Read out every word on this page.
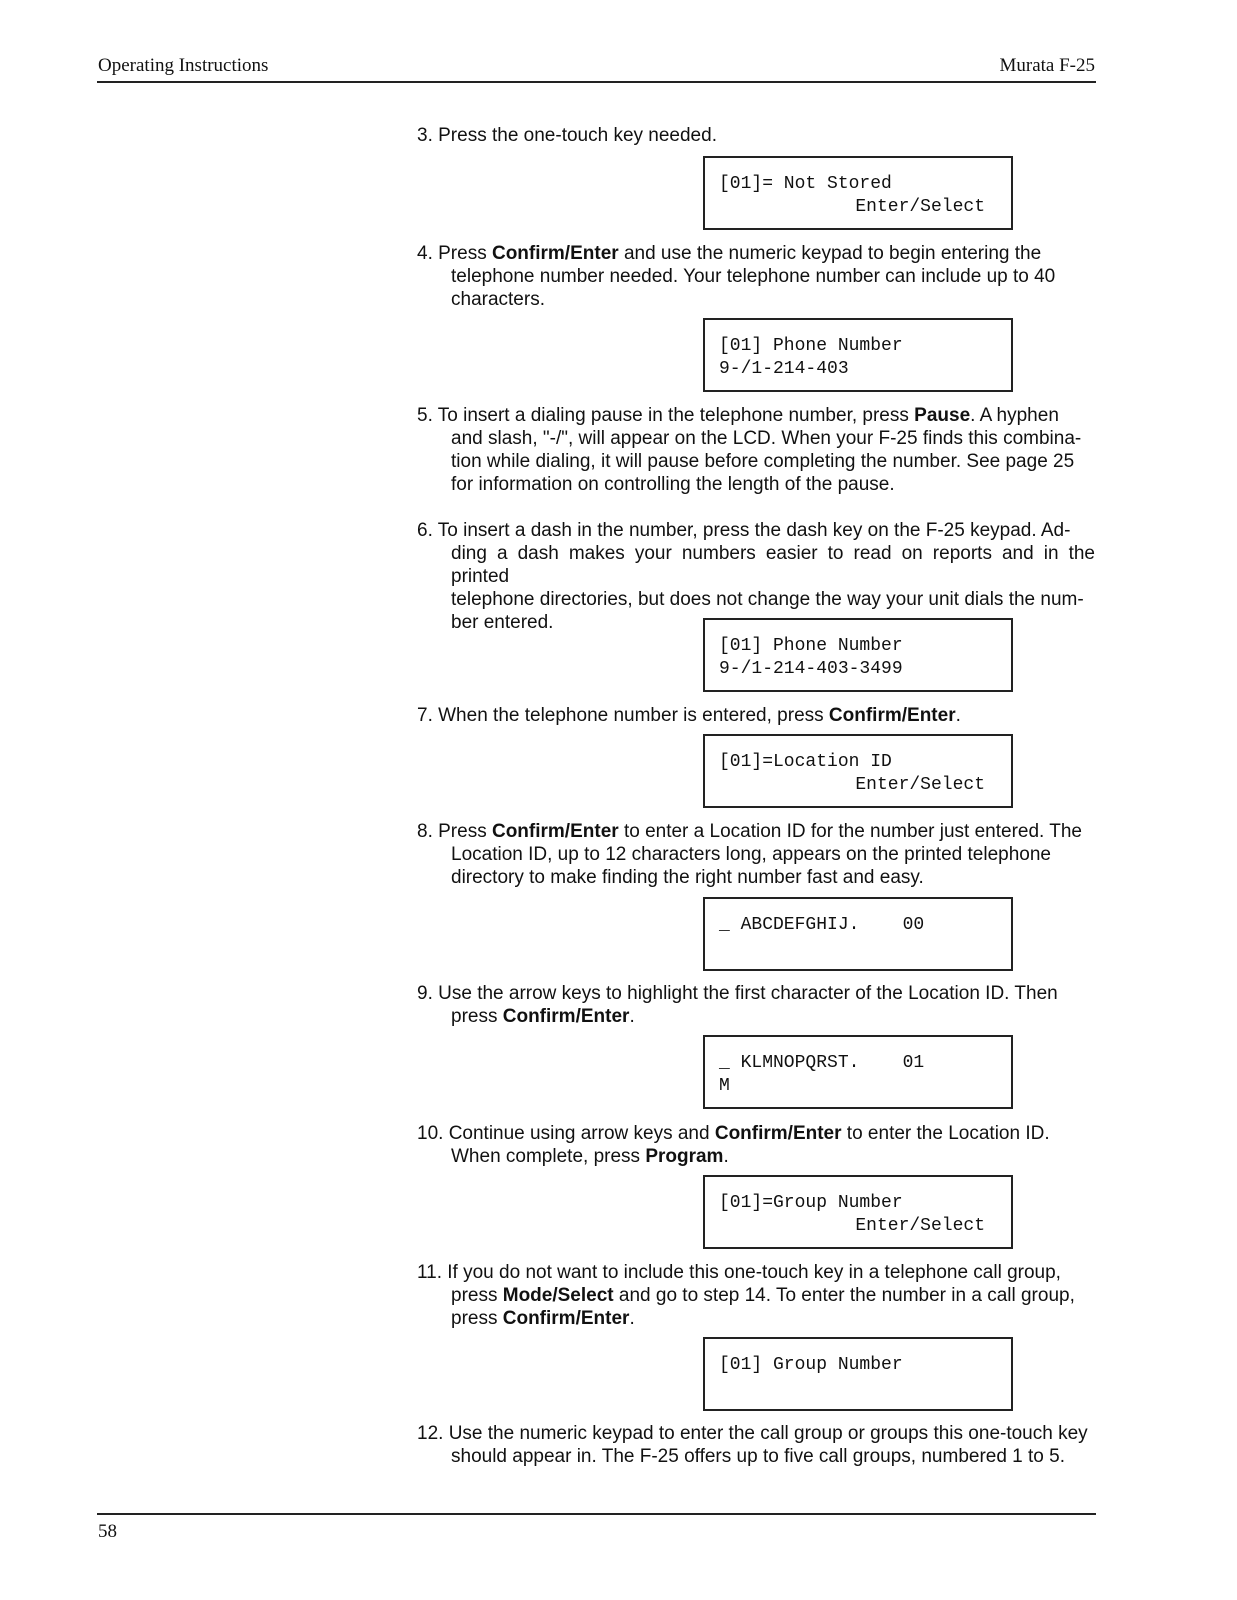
Operating Instructions	Murata F-25
3. Press the one-touch key needed.
[01]= Not Stored
Enter/Select
4. Press Confirm/Enter and use the numeric keypad to begin entering the
telephone number needed. Your telephone number can include up to 40
characters.
[01] Phone Number
9-/1-214-403
5. To insert a dialing pause in the telephone number, press Pause. A hyphen
and slash, "-/", will appear on the LCD. When your F-25 finds this combina-
tion while dialing, it will pause before completing the number. See page 25
for information on controlling the length of the pause.
6. To insert a dash in the number, press the dash key on the F-25 keypad. Ad-
ding a dash makes your numbers easier to read on reports and in the printed
telephone directories, but does not change the way your unit dials the num-
ber entered.
[01] Phone Number
9-/1-214-403-3499
7. When the telephone number is entered, press Confirm/Enter.
[01]=Location ID
Enter/Select
8. Press Confirm/Enter to enter a Location ID for the number just entered. The
Location ID, up to 12 characters long, appears on the printed telephone
directory to make finding the right number fast and easy.
_ ABCDEFGHIJ.    00
9. Use the arrow keys to highlight the first character of the Location ID. Then
press Confirm/Enter.
_ KLMNOPQRST.    01
M
10. Continue using arrow keys and Confirm/Enter to enter the Location ID.
When complete, press Program.
[01]=Group Number
Enter/Select
11. If you do not want to include this one-touch key in a telephone call group,
press Mode/Select and go to step 14. To enter the number in a call group,
press Confirm/Enter.
[01] Group Number
12. Use the numeric keypad to enter the call group or groups this one-touch key
should appear in. The F-25 offers up to five call groups, numbered 1 to 5.
58
